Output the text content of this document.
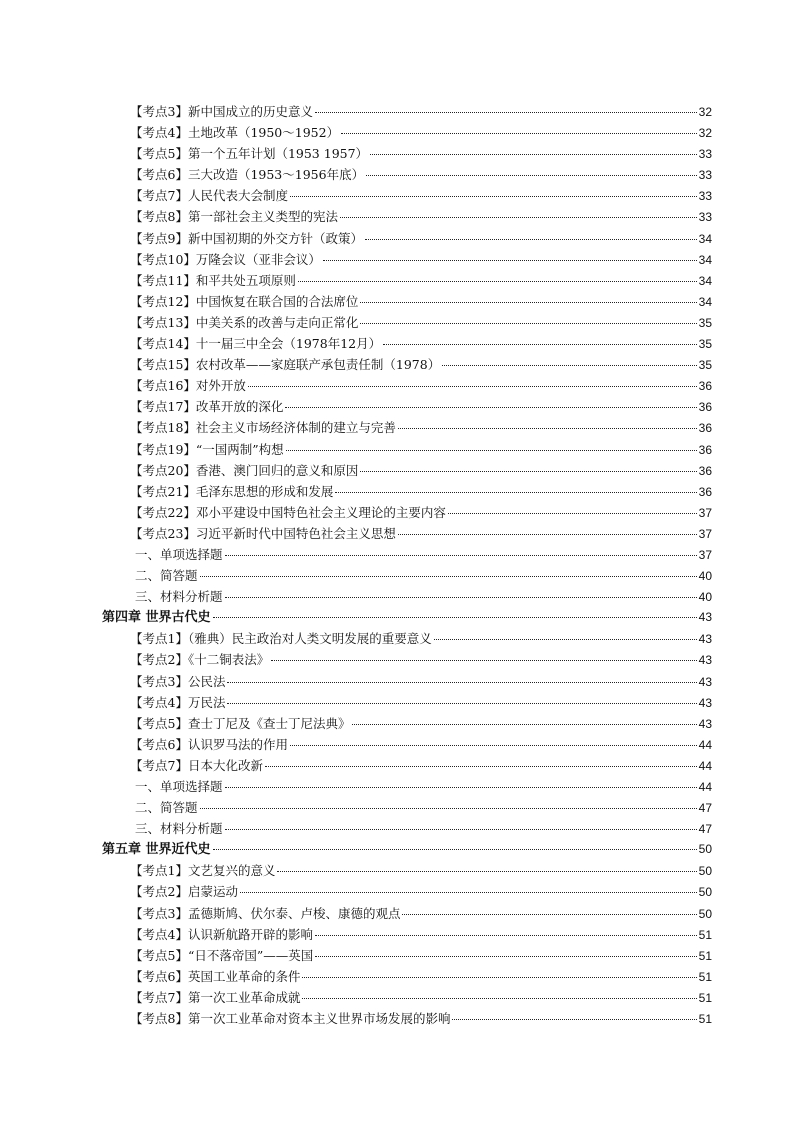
【考点3】新中国成立的历史意义	32
【考点4】土地改革（1950～1952）	32
【考点5】第一个五年计划（1953 1957）	33
【考点6】三大改造（1953～1956年底）	33
【考点7】人民代表大会制度	33
【考点8】第一部社会主义类型的宪法	33
【考点9】新中国初期的外交方针（政策）	34
【考点10】万隆会议（亚非会议）	34
【考点11】和平共处五项原则	34
【考点12】中国恢复在联合国的合法席位	34
【考点13】中美关系的改善与走向正常化	35
【考点14】十一届三中全会（1978年12月）	35
【考点15】农村改革——家庭联产承包责任制（1978）	35
【考点16】对外开放	36
【考点17】改革开放的深化	36
【考点18】社会主义市场经济体制的建立与完善	36
【考点19】“一国两制”构想	36
【考点20】香港、澳门回归的意义和原因	36
【考点21】毛泽东思想的形成和发展	36
【考点22】邓小平建设中国特色社会主义理论的主要内容	37
【考点23】习近平新时代中国特色社会主义思想	37
一、单项选择题	37
二、简答题	40
三、材料分析题	40
第四章 世界古代史	43
【考点1】（雅典）民主政治对人类文明发展的重要意义	43
【考点2】《十二铜表法》	43
【考点3】公民法	43
【考点4】万民法	43
【考点5】查士丁尼及《查士丁尼法典》	43
【考点6】认识罗马法的作用	44
【考点7】日本大化改新	44
一、单项选择题	44
二、简答题	47
三、材料分析题	47
第五章 世界近代史	50
【考点1】文艺复兴的意义	50
【考点2】启蒙运动	50
【考点3】孟德斯鸠、伏尔泰、卢梭、康德的观点	50
【考点4】认识新航路开辟的影响	51
【考点5】“日不落帝国”——英国	51
【考点6】英国工业革命的条件	51
【考点7】第一次工业革命成就	51
【考点8】第一次工业革命对资本主义世界市场发展的影响	51
